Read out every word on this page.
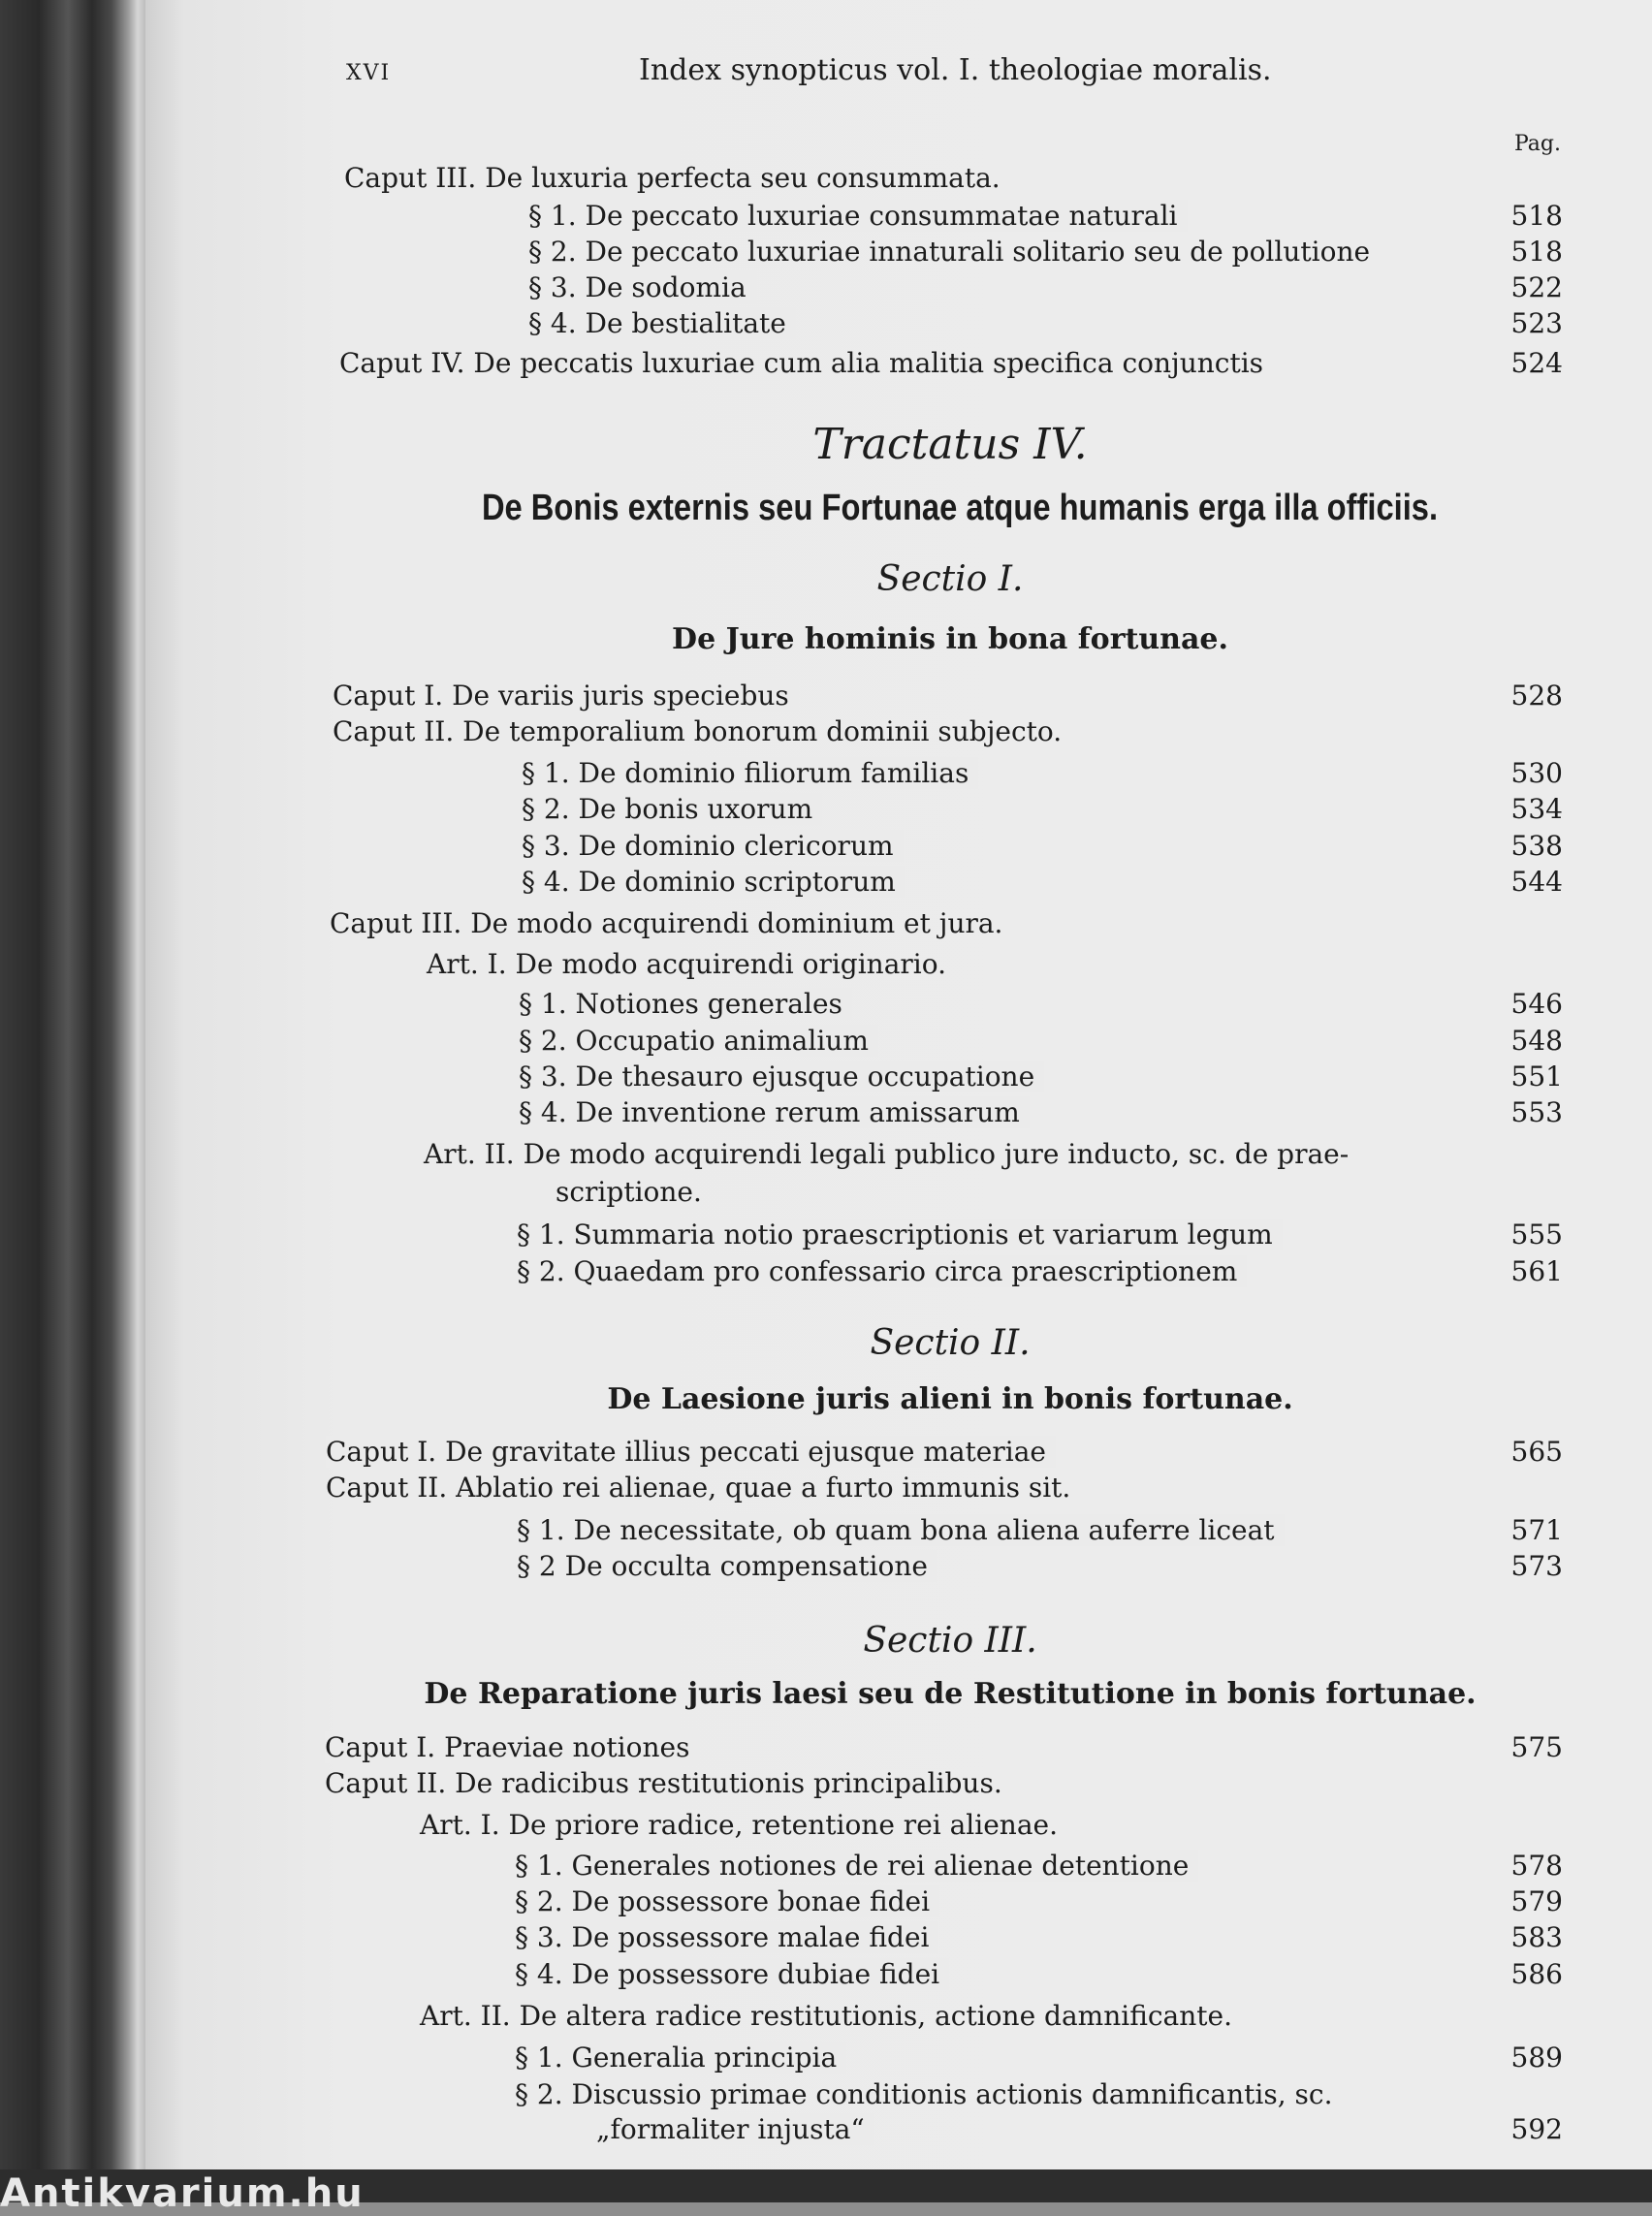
XVI	Index synopticus vol. I. theologiae moralis.
Pag.
Caput III. De luxuria perfecta seu consummata.
§ 1. De peccato luxuriae consummatae naturali	518
§ 2. De peccato luxuriae innaturali solitario seu de pollutione	518
§ 3. De sodomia	522
§ 4. De bestialitate	523
Caput IV. De peccatis luxuriae cum alia malitia specifica conjunctis	524
Tractatus IV.
De Bonis externis seu Fortunae atque humanis erga illa officiis.
Sectio I.
De Jure hominis in bona fortunae.
Caput I. De variis juris speciebus	528
Caput II. De temporalium bonorum dominii subjecto.
§ 1. De dominio filiorum familias	530
§ 2. De bonis uxorum	534
§ 3. De dominio clericorum	538
§ 4. De dominio scriptorum	544
Caput III. De modo acquirendi dominium et jura.
Art. I. De modo acquirendi originario.
§ 1. Notiones generales	546
§ 2. Occupatio animalium	548
§ 3. De thesauro ejusque occupatione	551
§ 4. De inventione rerum amissarum	553
Art. II. De modo acquirendi legali publico jure inducto, sc. de prae-
scriptione.
§ 1. Summaria notio praescriptionis et variarum legum	555
§ 2. Quaedam pro confessario circa praescriptionem	561
Sectio II.
De Laesione juris alieni in bonis fortunae.
Caput I. De gravitate illius peccati ejusque materiae	565
Caput II. Ablatio rei alienae, quae a furto immunis sit.
§ 1. De necessitate, ob quam bona aliena auferre liceat	571
§ 2 De occulta compensatione	573
Sectio III.
De Reparatione juris laesi seu de Restitutione in bonis fortunae.
Caput I. Praeviae notiones	575
Caput II. De radicibus restitutionis principalibus.
Art. I. De priore radice, retentione rei alienae.
§ 1. Generales notiones de rei alienae detentione	578
§ 2. De possessore bonae fidei	579
§ 3. De possessore malae fidei	583
§ 4. De possessore dubiae fidei	586
Art. II. De altera radice restitutionis, actione damnificante.
§ 1. Generalia principia	589
§ 2. Discussio primae conditionis actionis damnificantis, sc.
„formaliter injusta“	592
Antikvarium.hu
